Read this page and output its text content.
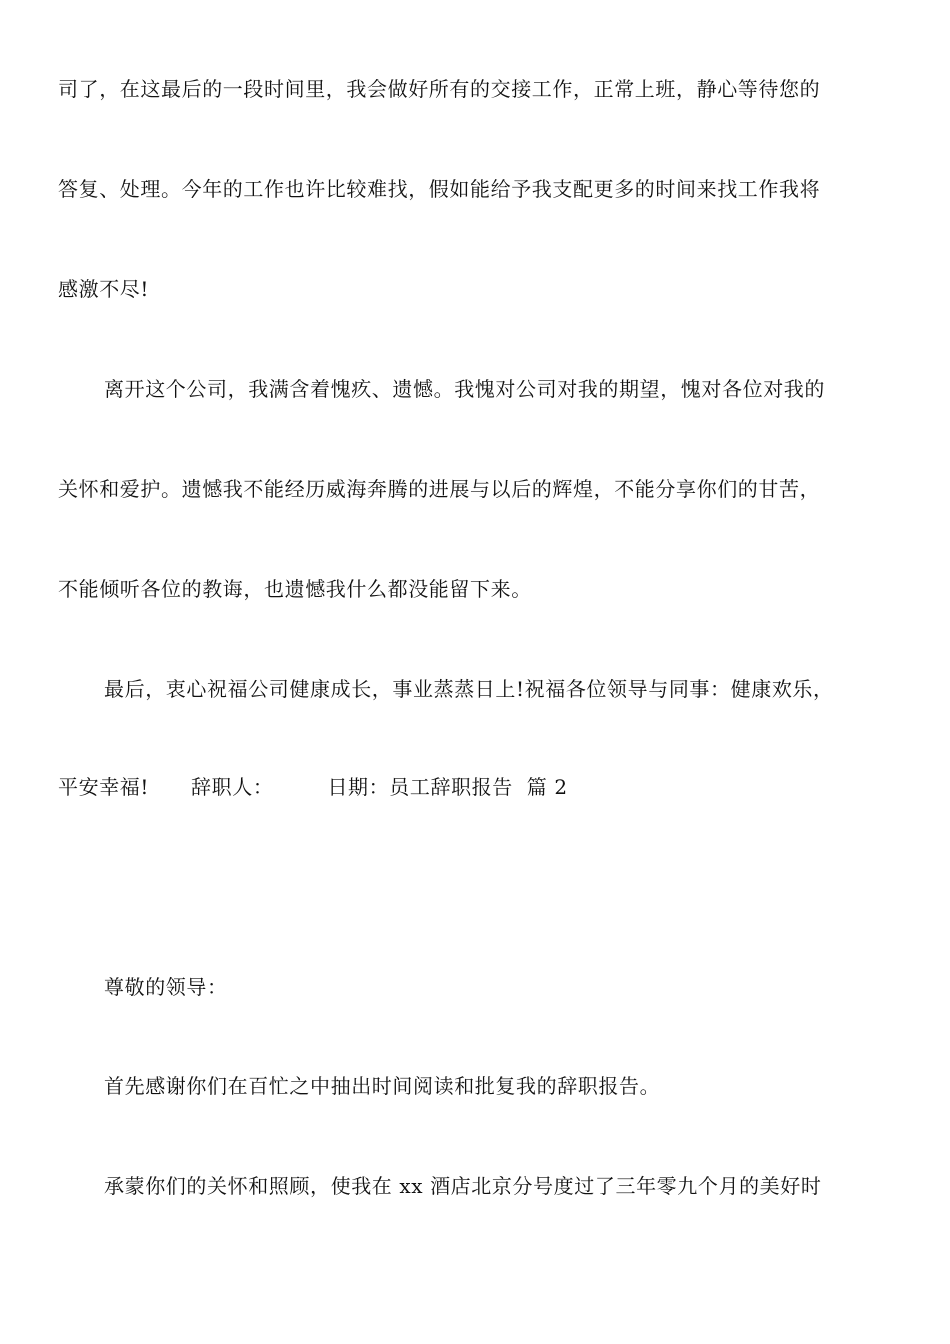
司了，在这最后的一段时间里，我会做好所有的交接工作，正常上班，静心等待您的
答复、处理。今年的工作也许比较难找，假如能给予我支配更多的时间来找工作我将
感激不尽!
离开这个公司，我满含着愧疚、遗憾。我愧对公司对我的期望，愧对各位对我的
关怀和爱护。遗憾我不能经历威海奔腾的进展与以后的辉煌，不能分享你们的甘苦，
不能倾听各位的教诲，也遗憾我什么都没能留下来。
最后，衷心祝福公司健康成长，事业蒸蒸日上!祝福各位领导与同事：健康欢乐，
平安幸福! 辞职人：	日期：员工辞职报告 篇 2
尊敬的领导：
首先感谢你们在百忙之中抽出时间阅读和批复我的辞职报告。
承蒙你们的关怀和照顾，使我在 xx 酒店北京分号度过了三年零九个月的美好时
